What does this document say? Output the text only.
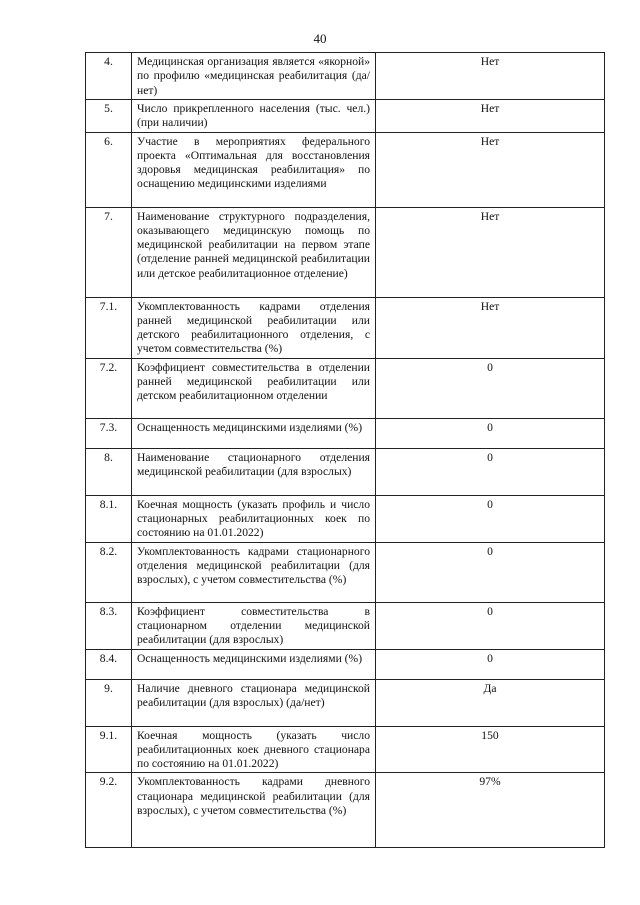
40
4.	Медицинская организация является «якорной» по профилю «медицинская реабилитация (да/нет)	Нет
5.	Число прикрепленного населения (тыс. чел.) (при наличии)	Нет
6.	Участие в мероприятиях федерального проекта «Оптимальная для восстановления здоровья медицинская реабилитация» по оснащению медицинскими изделиями	Нет
7.	Наименование структурного подразделения, оказывающего медицинскую помощь по медицинской реабилитации на первом этапе (отделение ранней медицинской реабилитации или детское реабилитационное отделение)	Нет
7.1.	Укомплектованность кадрами отделения ранней медицинской реабилитации или детского реабилитационного отделения, с учетом совместительства (%)	Нет
7.2.	Коэффициент совместительства в отделении ранней медицинской реабилитации или детском реабилитационном отделении	0
7.3.	Оснащенность медицинскими изделиями (%)	0
8.	Наименование стационарного отделения медицинской реабилитации (для взрослых)	0
8.1.	Коечная мощность (указать профиль и число стационарных реабилитационных коек по состоянию на 01.01.2022)	0
8.2.	Укомплектованность кадрами стационарного отделения медицинской реабилитации (для взрослых), с учетом совместительства (%)	0
8.3.	Коэффициент совместительства в стационарном отделении медицинской реабилитации (для взрослых)	0
8.4.	Оснащенность медицинскими изделиями (%)	0
9.	Наличие дневного стационара медицинской реабилитации (для взрослых) (да/нет)	Да
9.1.	Коечная мощность (указать число реабилитационных коек дневного стационара по состоянию на 01.01.2022)	150
9.2.	Укомплектованность кадрами дневного стационара медицинской реабилитации (для взрослых), с учетом совместительства (%)	97%
